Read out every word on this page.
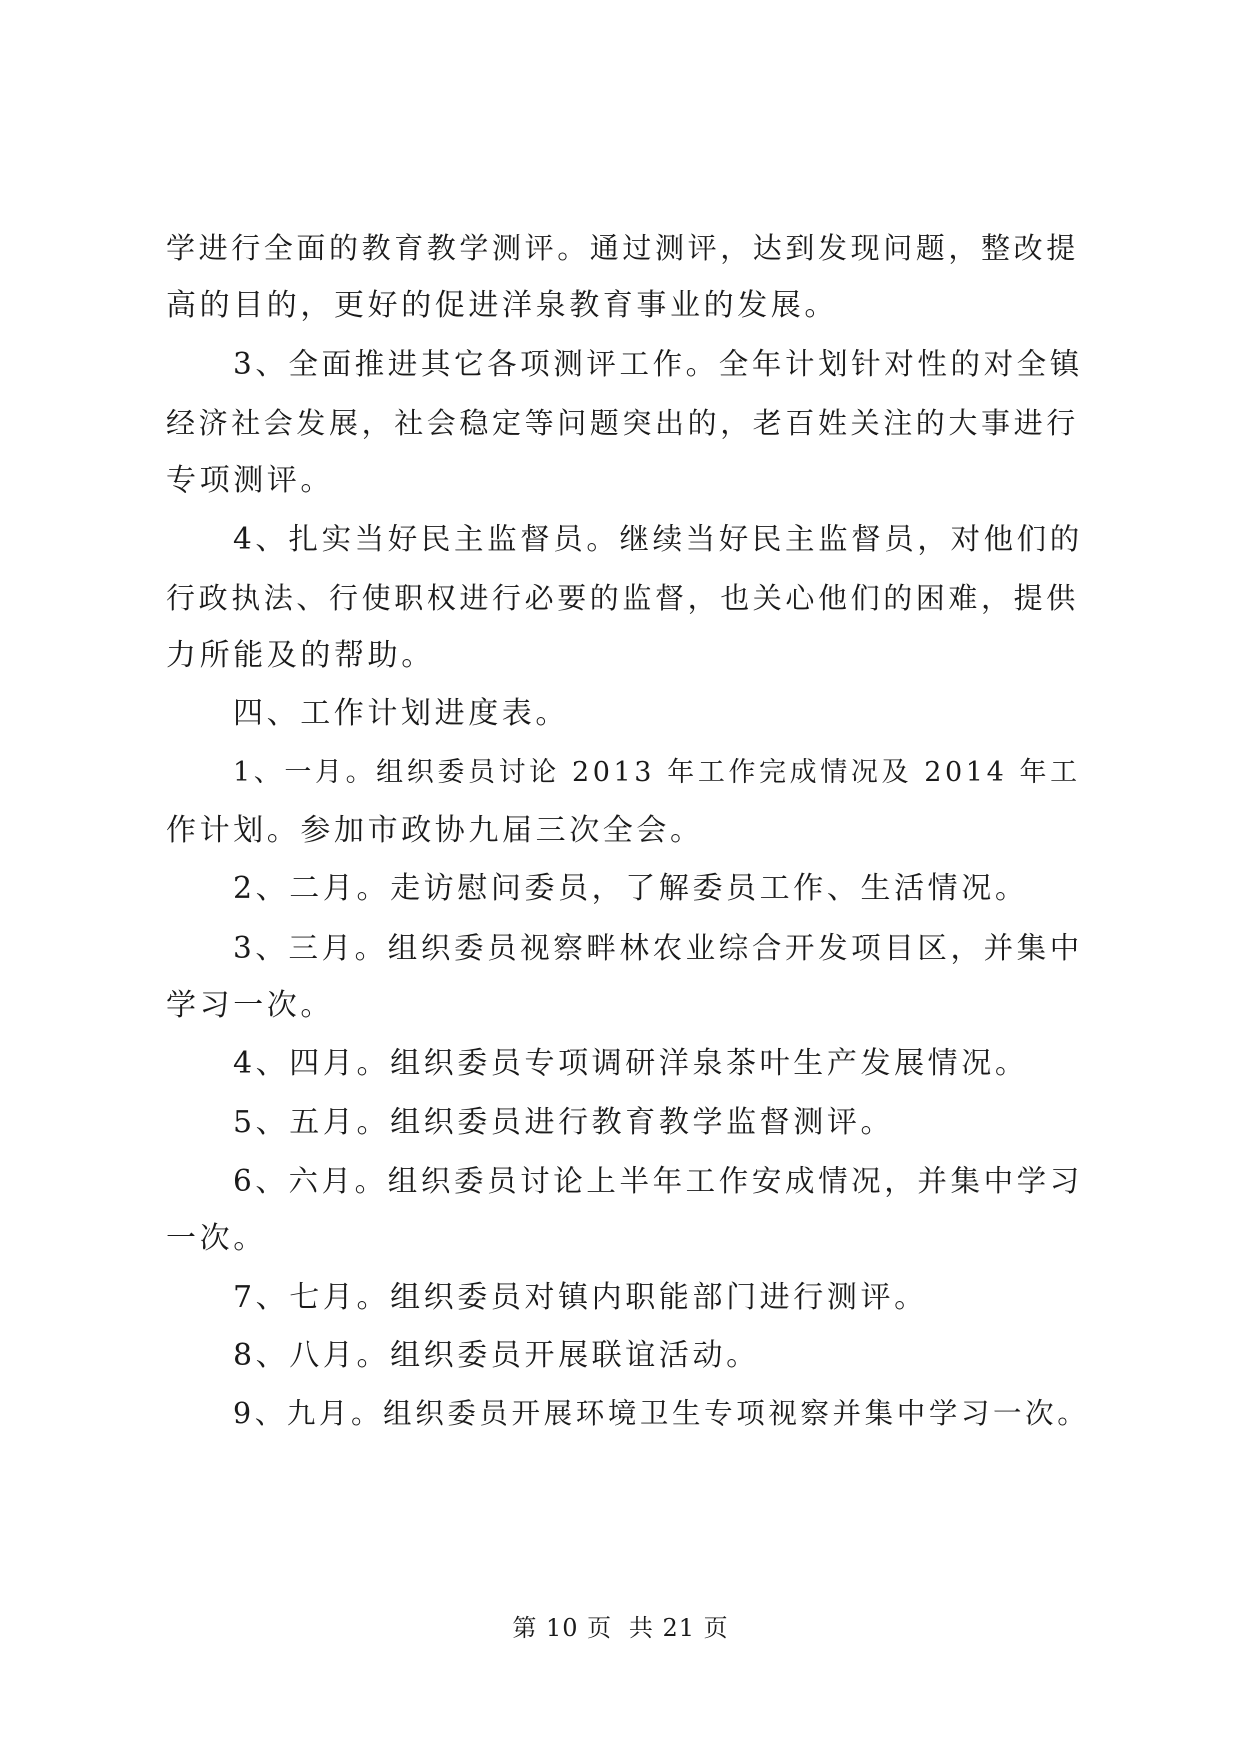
学进行全面的教育教学测评。通过测评，达到发现问题，整改提
高的目的，更好的促进洋泉教育事业的发展。
3、全面推进其它各项测评工作。全年计划针对性的对全镇
经济社会发展，社会稳定等问题突出的，老百姓关注的大事进行
专项测评。
4、扎实当好民主监督员。继续当好民主监督员，对他们的
行政执法、行使职权进行必要的监督，也关心他们的困难，提供
力所能及的帮助。
四、工作计划进度表。
1、一月。组织委员讨论 2013 年工作完成情况及 2014 年工
作计划。参加市政协九届三次全会。
2、二月。走访慰问委员，了解委员工作、生活情况。
3、三月。组织委员视察畔林农业综合开发项目区，并集中
学习一次。
4、四月。组织委员专项调研洋泉茶叶生产发展情况。
5、五月。组织委员进行教育教学监督测评。
6、六月。组织委员讨论上半年工作安成情况，并集中学习
一次。
7、七月。组织委员对镇内职能部门进行测评。
8、八月。组织委员开展联谊活动。
9、九月。组织委员开展环境卫生专项视察并集中学习一次。
第 10 页 共 21 页
